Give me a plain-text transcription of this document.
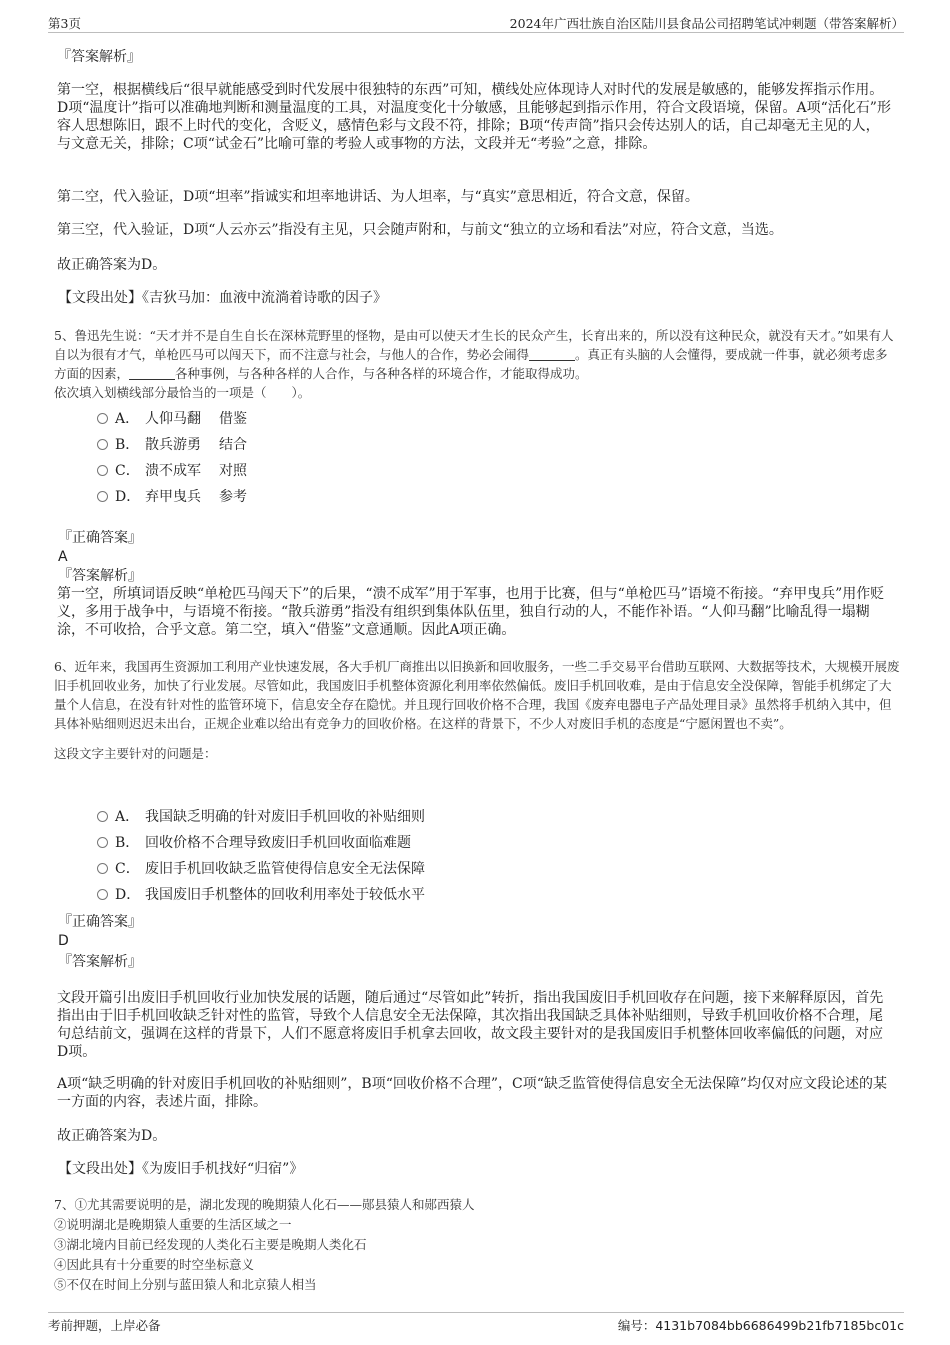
第3页	2024年广西壮族自治区陆川县食品公司招聘笔试冲刺题（带答案解析）
『答案解析』
第一空，根据横线后“很早就能感受到时代发展中很独特的东西”可知，横线处应体现诗人对时代的发展是敏感的，能够发挥指示作用。D项“温度计”指可以准确地判断和测量温度的工具，对温度变化十分敏感，且能够起到指示作用，符合文段语境，保留。A项“活化石”形容人思想陈旧，跟不上时代的变化，含贬义，感情色彩与文段不符，排除；B项“传声筒”指只会传达别人的话，自己却毫无主见的人，与文意无关，排除；C项“试金石”比喻可靠的考验人或事物的方法，文段并无“考验”之意，排除。
第二空，代入验证，D项“坦率”指诚实和坦率地讲话、为人坦率，与“真实”意思相近，符合文意，保留。
第三空，代入验证，D项“人云亦云”指没有主见，只会随声附和，与前文“独立的立场和看法”对应，符合文意，当选。
故正确答案为D。
【文段出处】《吉狄马加：血液中流淌着诗歌的因子》
5、鲁迅先生说：“天才并不是自生自长在深林荒野里的怪物，是由可以使天才生长的民众产生，长育出来的，所以没有这种民众，就没有天才。”如果有人自以为很有才气，单枪匹马可以闯天下，而不注意与社会，与他人的合作，势必会闹得	。真正有头脑的人会懂得，要成就一件事，就必须考虑多方面的因素，	各种事例，与各种各样的人合作，与各种各样的环境合作，才能取得成功。
依次填入划横线部分最恰当的一项是（　　）。
A． 人仰马翻 借鉴
B． 散兵游勇 结合
C． 溃不成军 对照
D． 弃甲曳兵 参考
『正确答案』
A
『答案解析』
第一空，所填词语反映“单枪匹马闯天下”的后果，“溃不成军”用于军事，也用于比赛，但与“单枪匹马”语境不衔接。“弃甲曳兵”用作贬义，多用于战争中，与语境不衔接。“散兵游勇”指没有组织到集体队伍里，独自行动的人，不能作补语。“人仰马翻”比喻乱得一塌糊涂，不可收拾，合乎文意。第二空，填入“借鉴”文意通顺。因此A项正确。
6、近年来，我国再生资源加工利用产业快速发展，各大手机厂商推出以旧换新和回收服务，一些二手交易平台借助互联网、大数据等技术，大规模开展废旧手机回收业务，加快了行业发展。尽管如此，我国废旧手机整体资源化利用率依然偏低。废旧手机回收难，是由于信息安全没保障，智能手机绑定了大量个人信息，在没有针对性的监管环境下，信息安全存在隐忧。并且现行回收价格不合理，我国《废弃电器电子产品处理目录》虽然将手机纳入其中，但具体补贴细则迟迟未出台，正规企业难以给出有竞争力的回收价格。在这样的背景下，不少人对废旧手机的态度是“宁愿闲置也不卖”。
这段文字主要针对的问题是：
A． 我国缺乏明确的针对废旧手机回收的补贴细则
B． 回收价格不合理导致废旧手机回收面临难题
C． 废旧手机回收缺乏监管使得信息安全无法保障
D． 我国废旧手机整体的回收利用率处于较低水平
『正确答案』
D
『答案解析』
文段开篇引出废旧手机回收行业加快发展的话题，随后通过“尽管如此”转折，指出我国废旧手机回收存在问题，接下来解释原因，首先指出由于旧手机回收缺乏针对性的监管，导致个人信息安全无法保障，其次指出我国缺乏具体补贴细则，导致手机回收价格不合理，尾句总结前文，强调在这样的背景下，人们不愿意将废旧手机拿去回收，故文段主要针对的是我国废旧手机整体回收率偏低的问题，对应D项。
A项“缺乏明确的针对废旧手机回收的补贴细则”，B项“回收价格不合理”，C项“缺乏监管使得信息安全无法保障”均仅对应文段论述的某一方面的内容，表述片面，排除。
故正确答案为D。
【文段出处】《为废旧手机找好“归宿”》
7、①尤其需要说明的是，湖北发现的晚期猿人化石——郧县猿人和郧西猿人
②说明湖北是晚期猿人重要的生活区域之一
③湖北境内目前已经发现的人类化石主要是晚期人类化石
④因此具有十分重要的时空坐标意义
⑤不仅在时间上分别与蓝田猿人和北京猿人相当
考前押题，上岸必备	编号：4131b7084bb6686499b21fb7185bc01c
